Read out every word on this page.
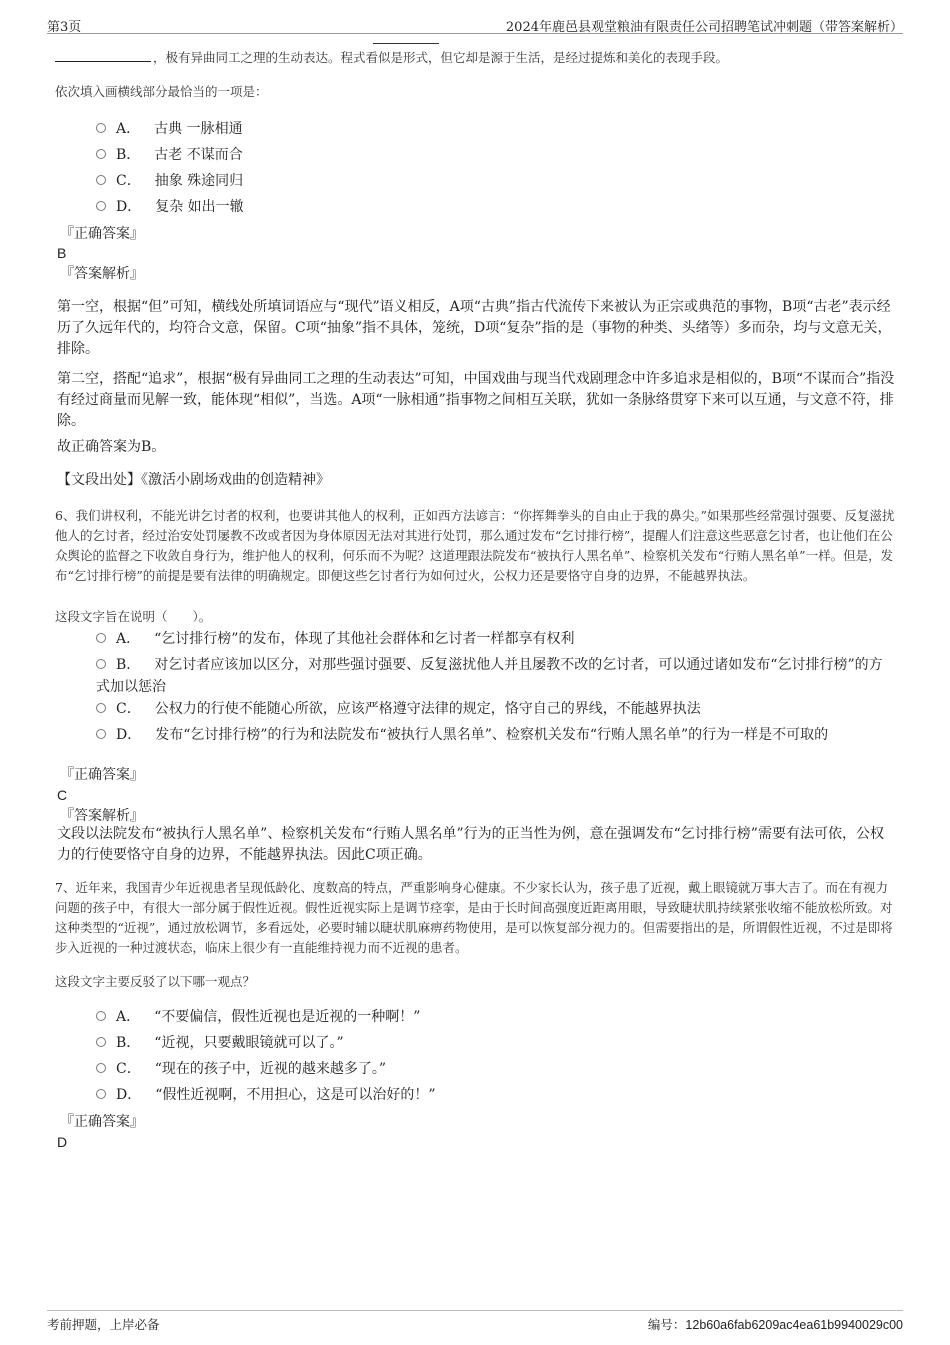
第3页	2024年鹿邑县观堂粮油有限责任公司招聘笔试冲刺题（带答案解析）
，极有异曲同工之理的生动表达。程式看似是形式，但它却是源于生活，是经过提炼和美化的表现手段。
依次填入画横线部分最恰当的一项是：
A． 古典 一脉相通
B． 古老 不谋而合
C． 抽象 殊途同归
D． 复杂 如出一辙
『正确答案』
B
『答案解析』
第一空，根据“但”可知，横线处所填词语应与“现代”语义相反，A项“古典”指古代流传下来被认为正宗或典范的事物，B项“古老”表示经历了久远年代的，均符合文意，保留。C项“抽象”指不具体，笼统，D项“复杂”指的是（事物的种类、头绪等）多而杂，均与文意无关，排除。
第二空，搭配“追求”，根据“极有异曲同工之理的生动表达”可知，中国戏曲与现当代戏剧理念中许多追求是相似的，B项“不谋而合”指没有经过商量而见解一致，能体现“相似”，当选。A项“一脉相通”指事物之间相互关联，犹如一条脉络贯穿下来可以互通，与文意不符，排除。
故正确答案为B。
【文段出处】《激活小剧场戏曲的创造精神》
6、我们讲权利，不能光讲乞讨者的权利，也要讲其他人的权利，正如西方法谚言：“你挥舞拳头的自由止于我的鼻尖。”如果那些经常强讨强要、反复滋扰他人的乞讨者，经过治安处罚屡教不改或者因为身体原因无法对其进行处罚，那么通过发布“乞讨排行榜”，提醒人们注意这些恶意乞讨者，也让他们在公众舆论的监督之下收敛自身行为，维护他人的权利，何乐而不为呢？这道理跟法院发布“被执行人黑名单”、检察机关发布“行贿人黑名单”一样。但是，发布“乞讨排行榜”的前提是要有法律的明确规定。即便这些乞讨者行为如何过火，公权力还是要恪守自身的边界，不能越界执法。
这段文字旨在说明（　　）。
A． “乞讨排行榜”的发布，体现了其他社会群体和乞讨者一样都享有权利
B． 对乞讨者应该加以区分，对那些强讨强要、反复滋扰他人并且屡教不改的乞讨者，可以通过诸如发布“乞讨排行榜”的方式加以惩治
C． 公权力的行使不能随心所欲，应该严格遵守法律的规定，恪守自己的界线，不能越界执法
D． 发布“乞讨排行榜”的行为和法院发布“被执行人黑名单”、检察机关发布“行贿人黑名单”的行为一样是不可取的
『正确答案』
C
『答案解析』
文段以法院发布“被执行人黑名单”、检察机关发布“行贿人黑名单”行为的正当性为例，意在强调发布“乞讨排行榜”需要有法可依，公权力的行使要恪守自身的边界，不能越界执法。因此C项正确。
7、近年来，我国青少年近视患者呈现低龄化、度数高的特点，严重影响身心健康。不少家长认为，孩子患了近视，戴上眼镜就万事大吉了。而在有视力问题的孩子中，有很大一部分属于假性近视。假性近视实际上是调节痉挛，是由于长时间高强度近距离用眼，导致睫状肌持续紧张收缩不能放松所致。对这种类型的“近视”，通过放松调节，多看远处，必要时辅以睫状肌麻痹药物使用，是可以恢复部分视力的。但需要指出的是，所谓假性近视，不过是即将步入近视的一种过渡状态，临床上很少有一直能维持视力而不近视的患者。
这段文字主要反驳了以下哪一观点？
A． “不要偏信，假性近视也是近视的一种啊！”
B． “近视，只要戴眼镜就可以了。”
C． “现在的孩子中，近视的越来越多了。”
D． “假性近视啊，不用担心，这是可以治好的！”
『正确答案』
D
考前押题，上岸必备	编号：12b60a6fab6209ac4ea61b9940029c00
